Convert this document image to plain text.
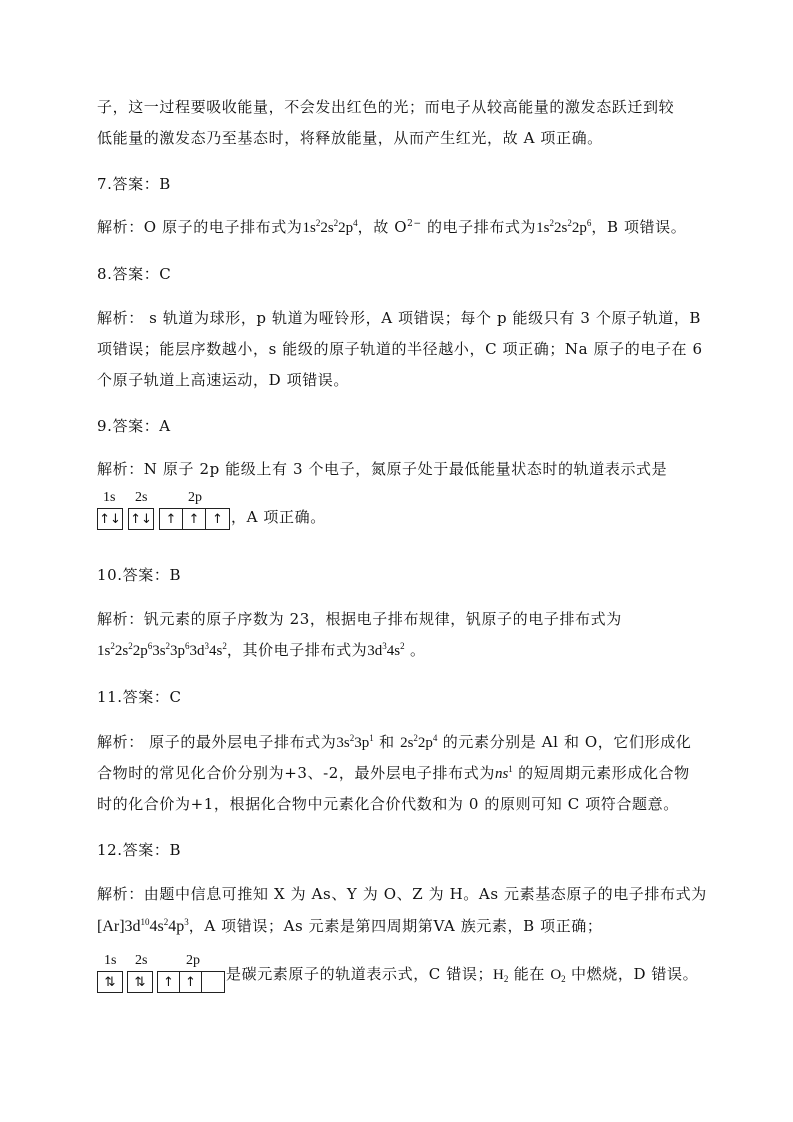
子，这一过程要吸收能量，不会发出红色的光；而电子从较高能量的激发态跃迁到较
低能量的激发态乃至基态时，将释放能量，从而产生红光，故 A 项正确。
7.答案：B
解析：O 原子的电子排布式为$1s^22s^22p^4$，故 $O^{2-}$ 的电子排布式为$1s^22s^22p^6$，B 项错误。
8.答案：C
解析： s 轨道为球形，p 轨道为哑铃形，A 项错误；每个 p 能级只有 3 个原子轨道，B
项错误；能层序数越小，s 能级的原子轨道的半径越小，C 项正确；Na 原子的电子在 6
个原子轨道上高速运动，D 项错误。
9.答案：A
解析：N 原子 2p 能级上有 3 个电子，氮原子处于最低能量状态时的轨道表示式是
1s 2s	2p
↑↓ ↑↓	↑ ↑ ↑ ，A 项正确。
10.答案：B
解析：钒元素的原子序数为 23，根据电子排布规律，钒原子的电子排布式为
$1s^22s^22p^63s^23p^63d^34s^2$，其价电子排布式为$3d^34s^2$ 。
11.答案：C
解析： 原子的最外层电子排布式为$3s^23p^1$ 和 $2s^22p^4$ 的元素分别是 Al 和 O，它们形成化
合物时的常见化合价分别为+3、-2，最外层电子排布式为$ns^1$ 的短周期元素形成化合物
时的化合价为+1，根据化合物中元素化合价代数和为 0 的原则可知 C 项符合题意。
12.答案：B
解析：由题中信息可推知 X 为 As、Y 为 O、Z 为 H。As 元素基态原子的电子排布式为
$[Ar]3d^{10}4s^24p^3$，A 项错误；As 元素是第四周期第VA 族元素，B 项正确；
1s 2s	2p
⇅	⇅	↑ ↑	是碳元素原子的轨道表示式，C 错误；$H_2$ 能在 $O_2$ 中燃烧，D 错误。
